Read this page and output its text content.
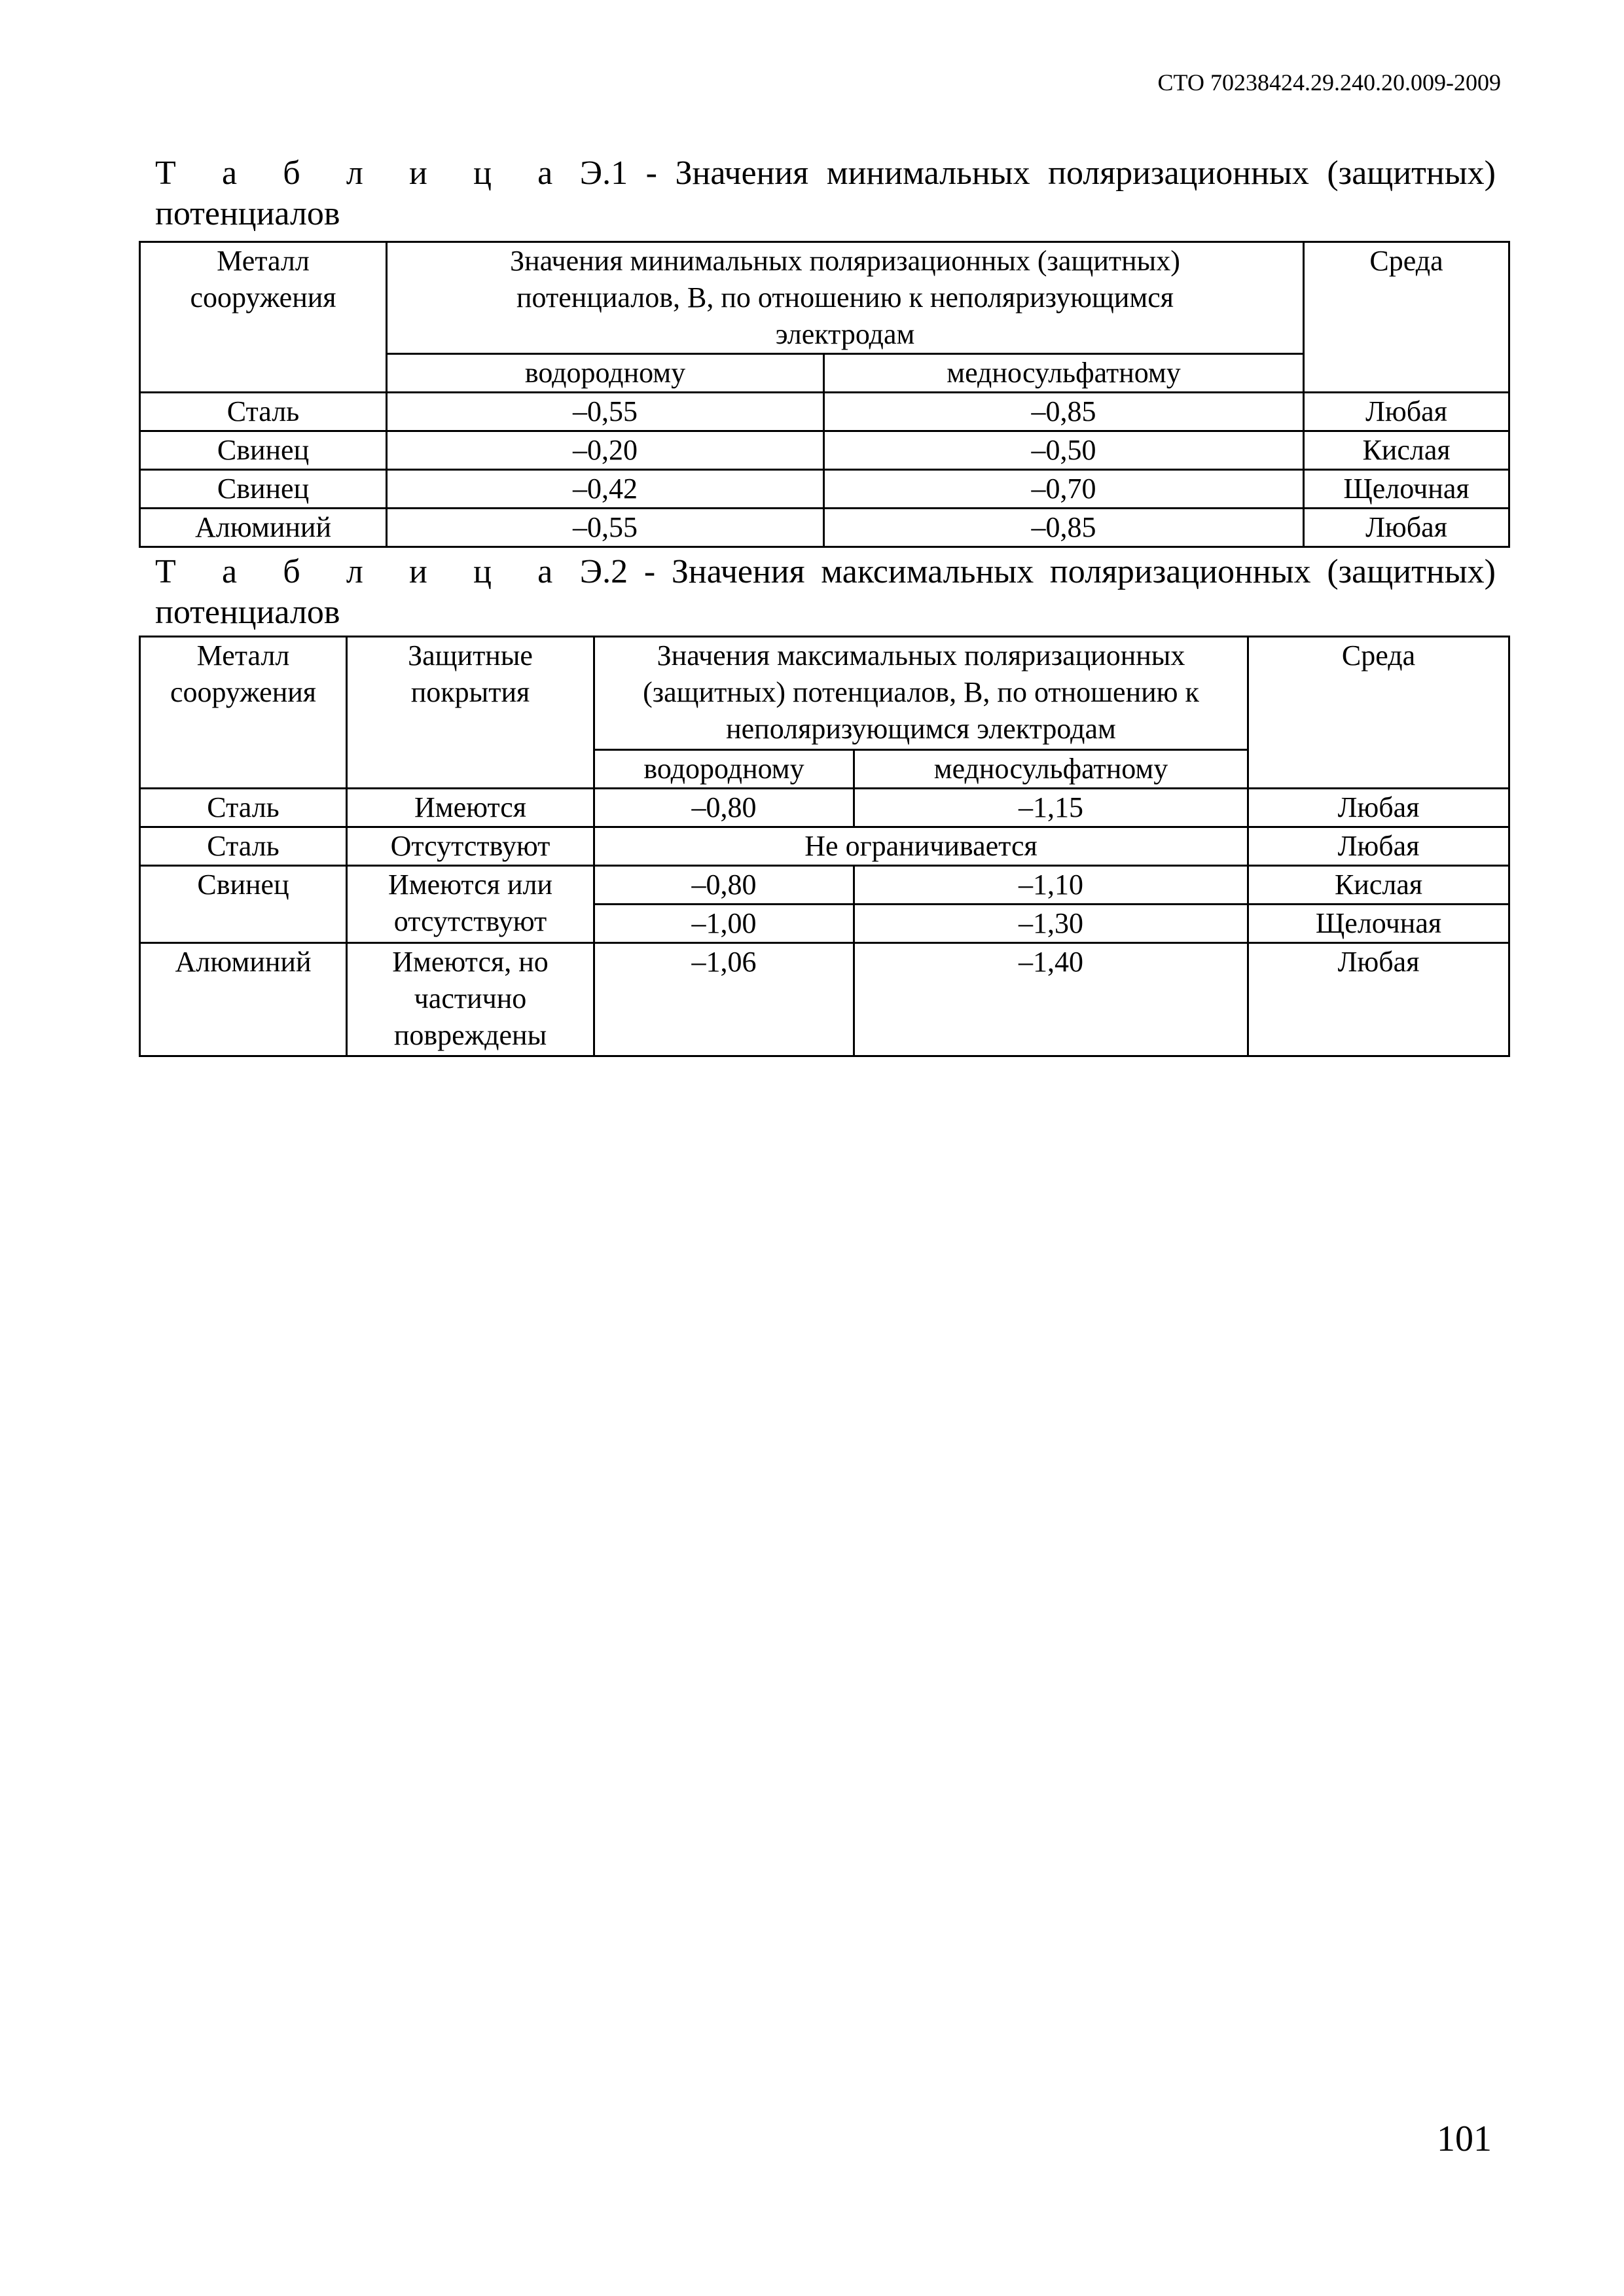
СТО 70238424.29.240.20.009-2009
Т а б л и ц а Э.1 - Значения минимальных поляризационных (защитных)
потенциалов
Металл сооружения	Значения минимальных поляризационных (защитных) потенциалов, В, по отношению к неполяризующимся электродам		Среда
	водородному	медносульфатному	
Сталь	–0,55	–0,85	Любая
Свинец	–0,20	–0,50	Кислая
Свинец	–0,42	–0,70	Щелочная
Алюминий	–0,55	–0,85	Любая
Т а б л и ц а Э.2 - Значения максимальных поляризационных (защитных)
потенциалов
Металл сооружения	Защитные покрытия	Значения максимальных поляризационных (защитных) потенциалов, В, по отношению к неполяризующимся электродам		Среда
		водородному	медносульфатному	
Сталь	Имеются	–0,80	–1,15	Любая
Сталь	Отсутствуют	Не ограничивается		Любая
Свинец	Имеются или отсутствуют	–0,80	–1,10	Кислая
		–1,00	–1,30	Щелочная
Алюминий	Имеются, но частично повреждены	–1,06	–1,40	Любая
101
